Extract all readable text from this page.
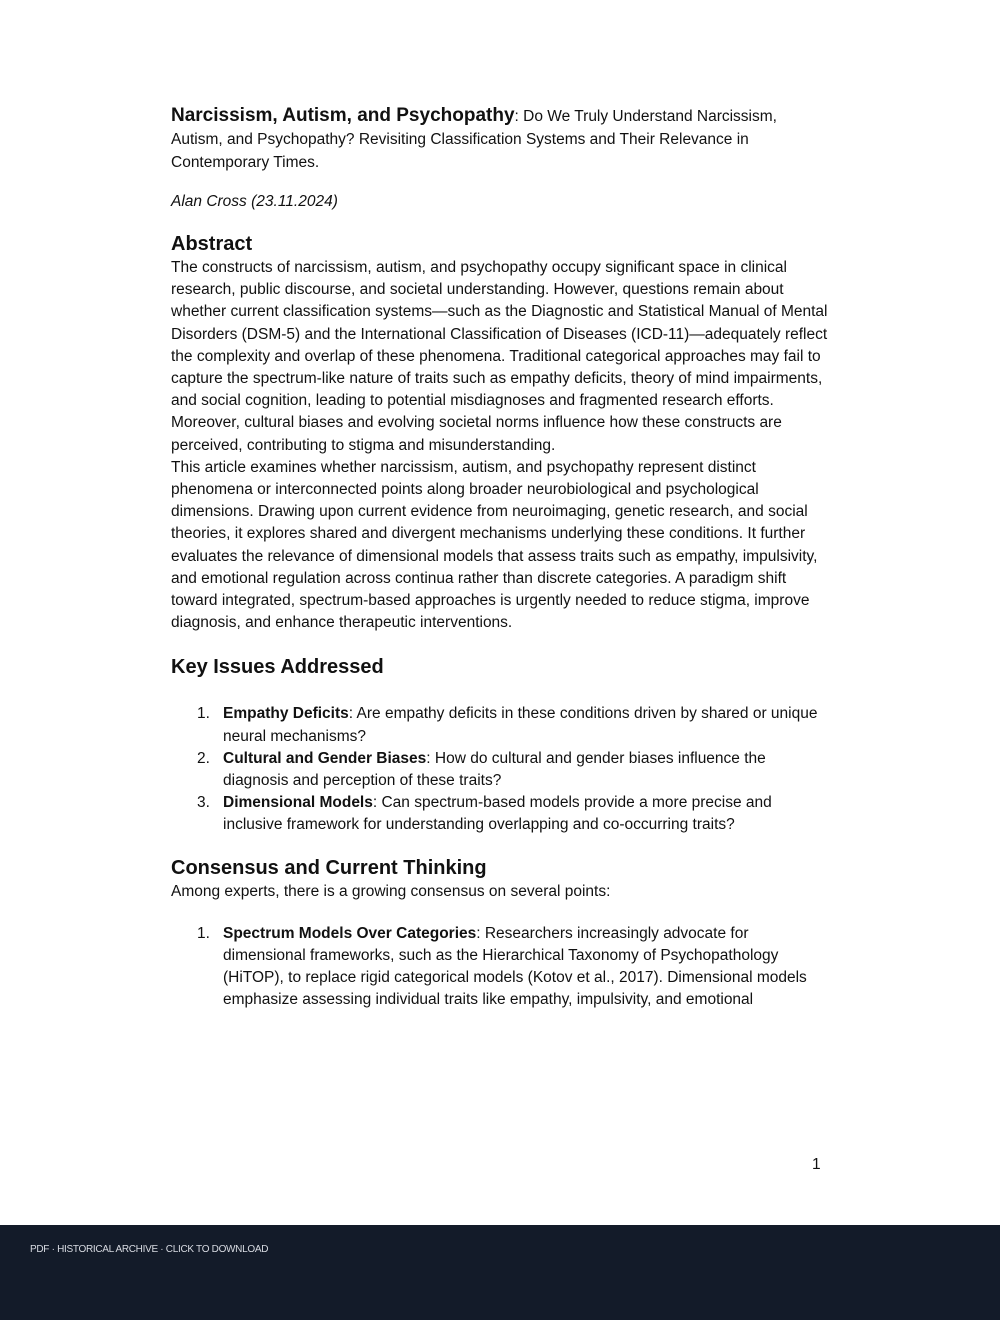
Narcissism, Autism, and Psychopathy: Do We Truly Understand Narcissism, Autism, and Psychopathy? Revisiting Classification Systems and Their Relevance in Contemporary Times.

Alan Cross (23.11.2024)

Abstract

The constructs of narcissism, autism, and psychopathy occupy significant space in clinical research, public discourse, and societal understanding. However, questions remain about whether current classification systems—such as the Diagnostic and Statistical Manual of Mental Disorders (DSM-5) and the International Classification of Diseases (ICD-11)—adequately reflect the complexity and overlap of these phenomena. Traditional categorical approaches may fail to capture the spectrum-like nature of traits such as empathy deficits, theory of mind impairments, and social cognition, leading to potential misdiagnoses and fragmented research efforts. Moreover, cultural biases and evolving societal norms influence how these constructs are perceived, contributing to stigma and misunderstanding.

This article examines whether narcissism, autism, and psychopathy represent distinct phenomena or interconnected points along broader neurobiological and psychological dimensions. Drawing upon current evidence from neuroimaging, genetic research, and social theories, it explores shared and divergent mechanisms underlying these conditions. It further evaluates the relevance of dimensional models that assess traits such as empathy, impulsivity, and emotional regulation across continua rather than discrete categories. A paradigm shift toward integrated, spectrum-based approaches is urgently needed to reduce stigma, improve diagnosis, and enhance therapeutic interventions.

Key Issues Addressed
1. Empathy Deficits: Are empathy deficits in these conditions driven by shared or unique neural mechanisms?
2. Cultural and Gender Biases: How do cultural and gender biases influence the diagnosis and perception of these traits?
3. Dimensional Models: Can spectrum-based models provide a more precise and inclusive framework for understanding overlapping and co-occurring traits?
Consensus and Current Thinking

Among experts, there is a growing consensus on several points:

1. Spectrum Models Over Categories: Researchers increasingly advocate for dimensional frameworks, such as the Hierarchical Taxonomy of Psychopathology (HiTOP), to replace rigid categorical models (Kotov et al., 2017). Dimensional models emphasize assessing individual traits like empathy, impulsivity, and emotional
1
PDF · HISTORICAL ARCHIVE · CLICK TO DOWNLOAD
